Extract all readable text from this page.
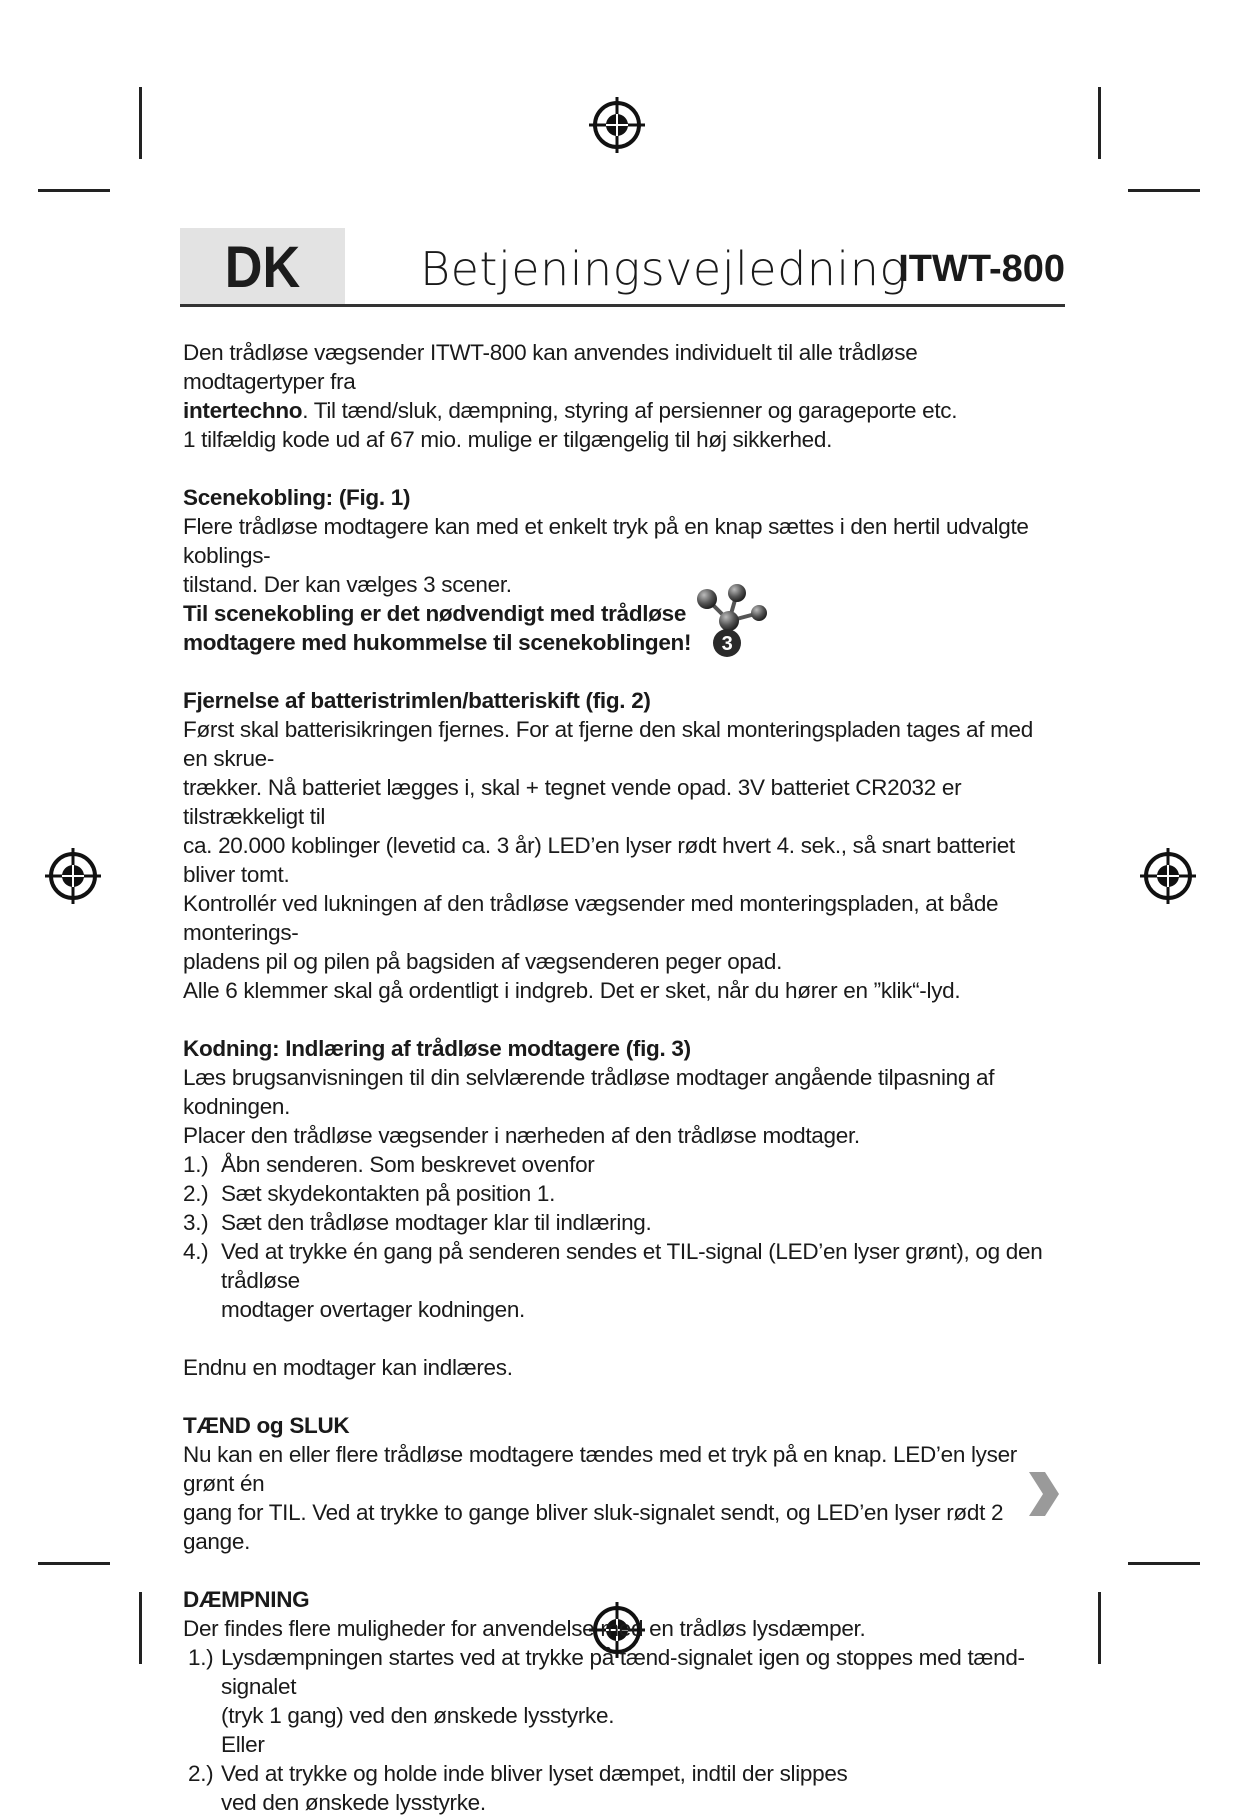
DK	Betjeningsvejledning
ITWT-800

Den trådløse vægsender ITWT-800 kan anvendes individuelt til alle trådløse modtagertyper fra

intertechno. Til tænd/sluk, dæmpning, styring af persienner og garageporte etc.

1 tilfældig kode ud af 67 mio. mulige er tilgængelig til høj sikkerhed.

Scenekobling: (Fig. 1)

Flere trådløse modtagere kan med et enkelt tryk på en knap sættes i den hertil udvalgte koblings-

tilstand. Der kan vælges 3 scener.

Til scenekobling er det nødvendigt med trådløse

modtagere med hukommelse til scenekoblingen!	3

Fjernelse af batteristrimlen/batteriskift (fig. 2)

Først skal batterisikringen fjernes. For at fjerne den skal monteringspladen tages af med en skrue-

trækker. Nå batteriet lægges i, skal + tegnet vende opad. 3V batteriet CR2032 er tilstrækkeligt til

ca. 20.000 koblinger (levetid ca. 3 år) LED’en lyser rødt hvert 4. sek., så snart batteriet bliver tomt.

Kontrollér ved lukningen af den trådløse vægsender med monteringspladen, at både monterings-

pladens pil og pilen på bagsiden af vægsenderen peger opad.

Alle 6 klemmer skal gå ordentligt i indgreb. Det er sket, når du hører en ”klik“-lyd.

Kodning: Indlæring af trådløse modtagere (fig. 3)

Læs brugsanvisningen til din selvlærende trådløse modtager angående tilpasning af kodningen.

Placer den trådløse vægsender i nærheden af den trådløse modtager.

1.) Åbn senderen. Som beskrevet ovenfor
2.) Sæt skydekontakten på position 1.
3.) Sæt den trådløse modtager klar til indlæring.
4.) Ved at trykke én gang på senderen sendes et TIL-signal (LED’en lyser grønt), og den trådløse
modtager overtager kodningen.

Endnu en modtager kan indlæres.

TÆND og SLUK

Nu kan en eller flere trådløse modtagere tændes med et tryk på en knap. LED’en lyser grønt én

gang for TIL. Ved at trykke to gange bliver sluk-signalet sendt, og LED’en lyser rødt 2 gange.

DÆMPNING

Der findes flere muligheder for anvendelse med en trådløs lysdæmper.

1.) Lysdæmpningen startes ved at trykke på tænd-signalet igen og stoppes med tænd-signalet
(tryk 1 gang) ved den ønskede lysstyrke.
Eller
2.) Ved at trykke og holde inde bliver lyset dæmpet, indtil der slippes
ved den ønskede lysstyrke.
